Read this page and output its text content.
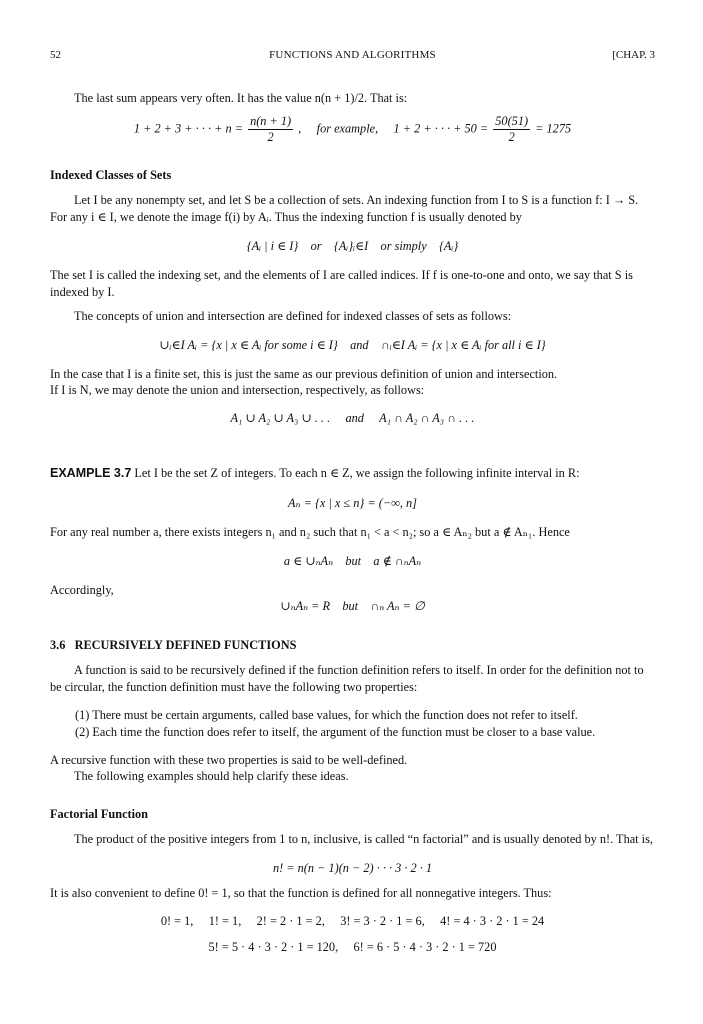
52	FUNCTIONS AND ALGORITHMS	[CHAP. 3

The last sum appears very often. It has the value n(n + 1)/2. That is:

1 + 2 + 3 + · · · + $n = \frac{n(n + 1)}{2}$ ,     for example,     1 + 2 + · · · + $50 = \frac{50(51)}{2} = 1275$

Indexed Classes of Sets

Let I be any nonempty set, and let S be a collection of sets. An indexing function from I to S is a function f: I → S. For any i ∈ I, we denote the image f(i) by Aᵢ. Thus the indexing function f is usually denoted by

{Aᵢ | i ∈ I}    or    {Aᵢ}ᵢ∈I    or simply    {Aᵢ}

The set I is called the indexing set, and the elements of I are called indices. If f is one-to-one and onto, we say that S is indexed by I.

The concepts of union and intersection are defined for indexed classes of sets as follows:

∪ᵢ∈I Aᵢ = {x | x ∈ Aᵢ for some i ∈ I}    and    ∩ᵢ∈I Aᵢ = {x | x ∈ Aᵢ for all i ∈ I}

In the case that I is a finite set, this is just the same as our previous definition of union and intersection.

If I is N, we may denote the union and intersection, respectively, as follows:

A₁ ∪ A₂ ∪ A₃ ∪ . . .     and     A₁ ∩ A₂ ∩ A₃ ∩ . . .

EXAMPLE 3.7 Let I be the set Z of integers. To each n ∈ Z, we assign the following infinite interval in R:

Aₙ = {x | x ≤ n} = (−∞, n]

For any real number a, there exists integers n₁ and n₂ such that n₁ < a < n₂; so a ∈ Aₙ₂ but a ∉ Aₙ₁. Hence

a ∈ ∪ₙAₙ    but    a ∉ ∩ₙAₙ

Accordingly,

∪ₙAₙ = R    but    ∩ₙ Aₙ = ∅

3.6   RECURSIVELY DEFINED FUNCTIONS

A function is said to be recursively defined if the function definition refers to itself. In order for the definition not to be circular, the function definition must have the following two properties:

(1) There must be certain arguments, called base values, for which the function does not refer to itself.

(2) Each time the function does refer to itself, the argument of the function must be closer to a base value.

A recursive function with these two properties is said to be well-defined.

The following examples should help clarify these ideas.

Factorial Function

The product of the positive integers from 1 to n, inclusive, is called “n factorial” and is usually denoted by n!. That is,

n! = n(n − 1)(n − 2) · · · 3 · 2 · 1

It is also convenient to define 0! = 1, so that the function is defined for all nonnegative integers. Thus:

0! = 1,     1! = 1,     2! = 2 · 1 = 2,     3! = 3 · 2 · 1 = 6,     4! = 4 · 3 · 2 · 1 = 24

5! = 5 · 4 · 3 · 2 · 1 = 120,     6! = 6 · 5 · 4 · 3 · 2 · 1 = 720
